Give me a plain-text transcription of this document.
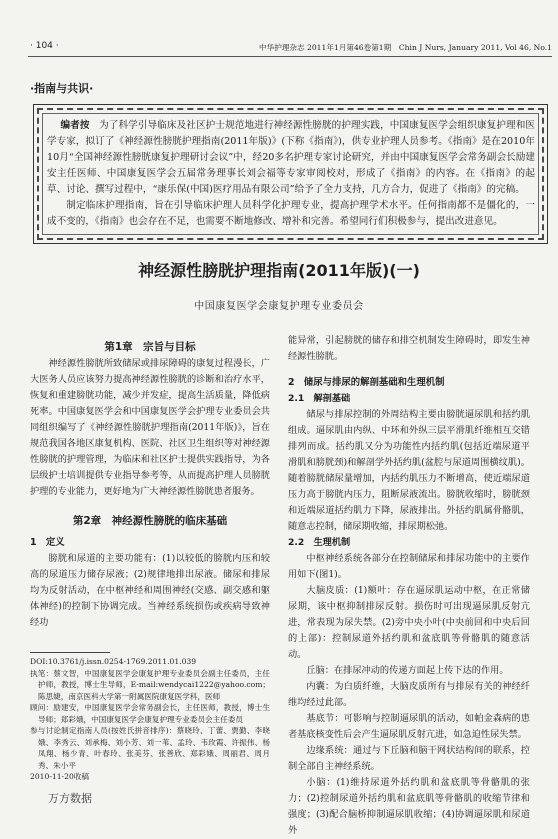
· 104 ·	中华护理杂志 2011年1月第46卷第1期　Chin J Nurs, January 2011, Vol 46, No.1
·指南与共识·

编者按 为了科学引导临床及社区护士规范地进行神经源性膀胱的护理实践，中国康复医学会组织康复护理和医学专家，拟订了《神经源性膀胱护理指南(2011年版)》(下称《指南》)，供专业护理人员参考。《指南》是在2010年10月“全国神经源性膀胱康复护理研讨会议”中，经20多名护理专家讨论研究，并由中国康复医学会常务副会长励建安主任医师、中国康复医学会五届常务理事长刘会福等专家审阅校对，形成了《指南》的内容。在《指南》的起草、讨论、撰写过程中，“康乐保(中国)医疗用品有限公司”给予了全力支持，几方合力，促进了《指南》的完稿。

制定临床护理指南，旨在引导临床护理人员科学化护理专业，提高护理学术水平。任何指南都不是僵化的，一成不变的，《指南》也会存在不足，也需要不断地修改、增补和完善。希望同行们积极参与，提出改进意见。

神经源性膀胱护理指南(2011年版)(一)
中国康复医学会康复护理专业委员会
第1章　宗旨与目标

神经源性膀胱所致储尿或排尿障碍的康复过程漫长，广大医务人员应该努力提高神经源性膀胱的诊断和治疗水平，恢复和重建膀胱功能，减少并发症，提高生活质量，降低病死率。中国康复医学会和中国康复医学会护理专业委员会共同组织编写了《神经源性膀胱护理指南(2011年版)》，旨在规范我国各地区康复机构、医院、社区卫生组织等对神经源性膀胱的护理管理，为临床和社区护士提供实践指导，为各层级护士培训提供专业指导参考等，从而提高护理人员膀胱护理的专业能力，更好地为广大神经源性膀胱患者服务。

第2章　神经源性膀胱的临床基础
1　定义

膀胱和尿道的主要功能有：(1)以较低的膀胱内压和较高的尿道压力储存尿液；(2)规律地排出尿液。储尿和排尿均为反射活动，在中枢神经和周围神经(交感、副交感和躯体神经)的控制下协调完成。当神经系统损伤或疾病导致神经功

DOI:10.3761/j.issn.0254-1769.2011.01.039

执笔：蔡文智，中国康复医学会康复护理专业委员会副主任委员，主任护师，教授，博士生导师，E-mail:wendycai1222@yahoo.com；陈思婕，南京医科大学第一附属医院康复医学科，医师

顾问：励建安，中国康复医学会常务副会长，主任医师，教授，博士生导师；郑彩娥，中国康复医学会康复护理专业委员会主任委员

参与讨论制定指南人员(按姓氏拼音排序)：蔡晓玲、丁蕾、贾勤、李晓娥、李秀云、刘承梅、刘小芳、刘一苇、孟玲、韦玫霞、许振伟、杨凤翔、杨少青、叶春玲、张美芬、张善欣、郑彩娥、周丽君、周月秀、朱小平

2010-11-20收稿

能异常，引起膀胱的储存和排空机制发生障碍时，即发生神经源性膀胱。

2　储尿与排尿的解剖基础和生理机制
2.1　解剖基础

储尿与排尿控制的外周结构主要由膀胱逼尿肌和括约肌组成。逼尿肌由内纵、中环和外纵三层平滑肌纤维相互交错排列而成。括约肌又分为功能性内括约肌(包括近端尿道平滑肌和膀胱颈)和解剖学外括约肌(盆腔与尿道周围横纹肌)。随着膀胱储尿量增加，内括约肌压力不断增高，使近端尿道压力高于膀胱内压力，阻断尿液流出。膀胱收缩时，膀胱颈和近端尿道括约肌力下降，尿液排出。外括约肌属骨骼肌，随意志控制，储尿期收缩，排尿期松弛。

2.2　生理机制

中枢神经系统各部分在控制储尿和排尿功能中的主要作用如下(图1)。

大脑皮质：(1)额叶：存在逼尿肌运动中枢，在正常储尿期，该中枢抑制排尿反射。损伤时可出现逼尿肌反射亢进，常表现为尿失禁。(2)旁中央小叶(中央前回和中央后回的上部)：控制尿道外括约肌和盆底肌等骨骼肌的随意活动。

丘脑：在排尿冲动的传递方面起上传下达的作用。

内囊：为白质纤维，大脑皮质所有与排尿有关的神经纤维均经过此部。

基底节：可影响与控制逼尿肌的活动，如帕金森病的患者基底核变性后会产生逼尿肌反射亢进，如急迫性尿失禁。

边缘系统：通过与下丘脑和脑干网状结构间的联系，控制全部自主神经系统。

小脑：(1)维持尿道外括约肌和盆底肌等骨骼肌的张力；(2)控制尿道外括约肌和盆底肌等骨骼肌的收缩节律和强度；(3)配合脑桥抑制逼尿肌收缩；(4)协调逼尿肌和尿道外

万方数据
